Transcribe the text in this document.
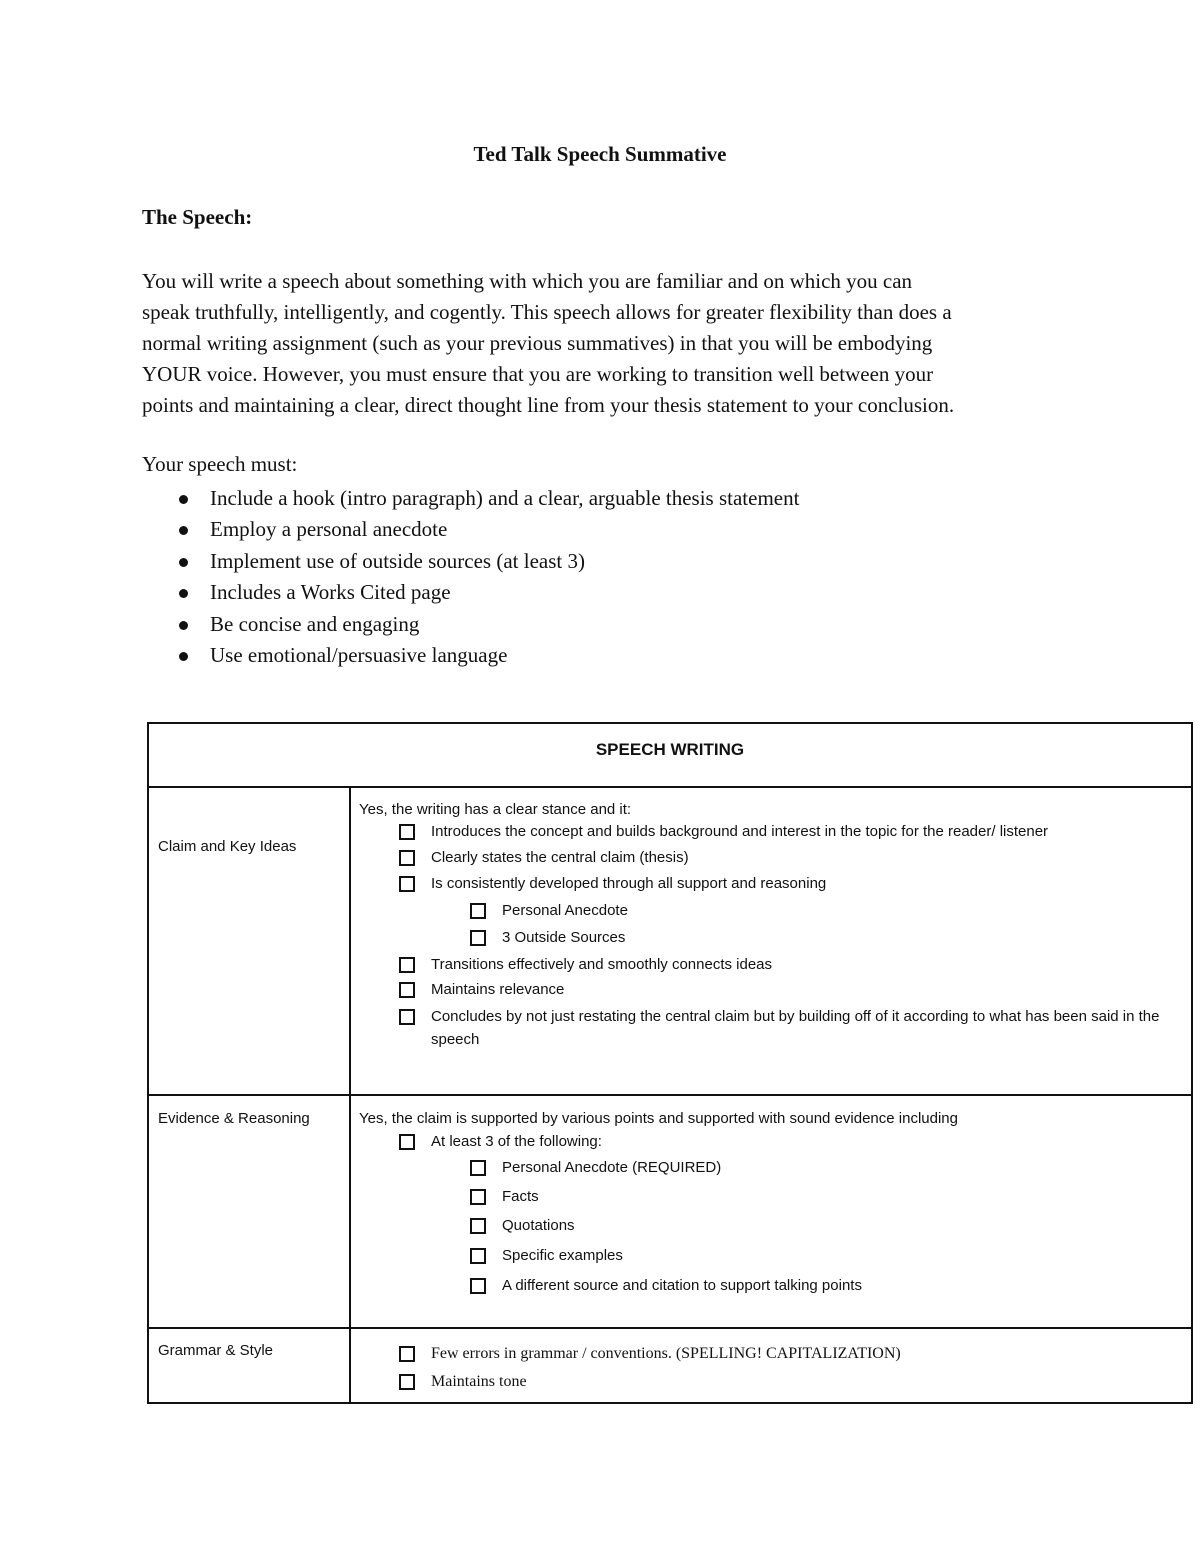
Ted Talk Speech Summative
The Speech:
You will write a speech about something with which you are familiar and on which you can
speak truthfully, intelligently, and cogently. This speech allows for greater flexibility than does a
normal writing assignment (such as your previous summatives) in that you will be embodying
YOUR voice. However, you must ensure that you are working to transition well between your
points and maintaining a clear, direct thought line from your thesis statement to your conclusion.
Your speech must:
Include a hook (intro paragraph) and a clear, arguable thesis statement
Employ a personal anecdote
Implement use of outside sources (at least 3)
Includes a Works Cited page
Be concise and engaging
Use emotional/persuasive language
SPEECH WRITING
Claim and Key Ideas
Yes, the writing has a clear stance and it:
Introduces the concept and builds background and interest in the topic for the reader/ listener
Clearly states the central claim (thesis)
Is consistently developed through all support and reasoning
Personal Anecdote
3 Outside Sources
Transitions effectively and smoothly connects ideas
Maintains relevance
Concludes by not just restating the central claim but by building off of it according to what has been said in the speech
Evidence & Reasoning	Yes, the claim is supported by various points and supported with sound evidence including
At least 3 of the following:
Personal Anecdote (REQUIRED)
Facts
Quotations
Specific examples
A different source and citation to support talking points
Grammar & Style	Few errors in grammar / conventions. (SPELLING! CAPITALIZATION)
Maintains tone
